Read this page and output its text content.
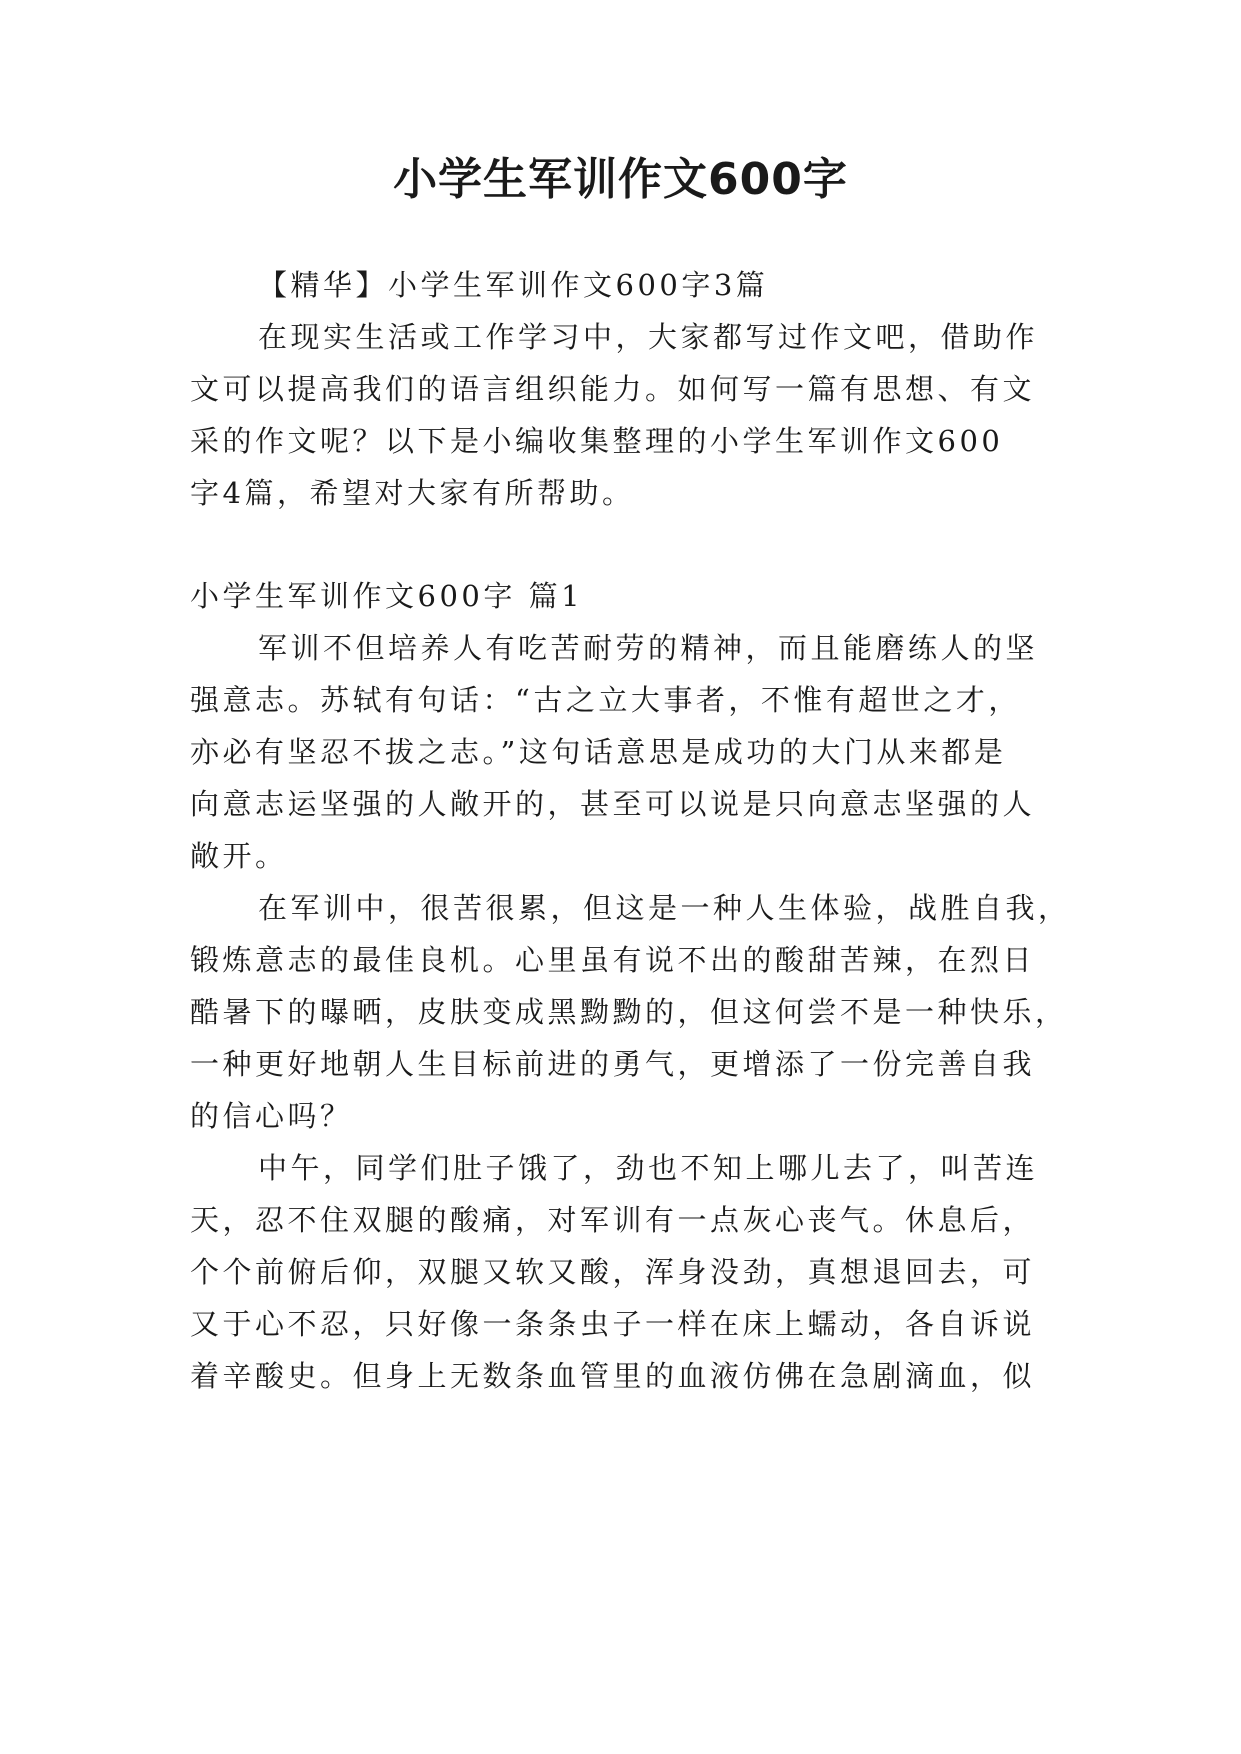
小学生军训作文600字

【精华】小学生军训作文600字3篇

在现实生活或工作学习中，大家都写过作文吧，借助作

文可以提高我们的语言组织能力。如何写一篇有思想、有文

采的作文呢？以下是小编收集整理的小学生军训作文600

字4篇，希望对大家有所帮助。

小学生军训作文600字 篇1

军训不但培养人有吃苦耐劳的精神，而且能磨练人的坚

强意志。苏轼有句话：“古之立大事者，不惟有超世之才，

亦必有坚忍不拔之志。”这句话意思是成功的大门从来都是

向意志运坚强的人敞开的，甚至可以说是只向意志坚强的人

敞开。

在军训中，很苦很累，但这是一种人生体验，战胜自我，

锻炼意志的最佳良机。心里虽有说不出的酸甜苦辣，在烈日

酷暑下的曝晒，皮肤变成黑黝黝的，但这何尝不是一种快乐，

一种更好地朝人生目标前进的勇气，更增添了一份完善自我

的信心吗？

中午，同学们肚子饿了，劲也不知上哪儿去了，叫苦连

天，忍不住双腿的酸痛，对军训有一点灰心丧气。休息后，

个个前俯后仰，双腿又软又酸，浑身没劲，真想退回去，可

又于心不忍，只好像一条条虫子一样在床上蠕动，各自诉说

着辛酸史。但身上无数条血管里的血液仿佛在急剧滴血，似
